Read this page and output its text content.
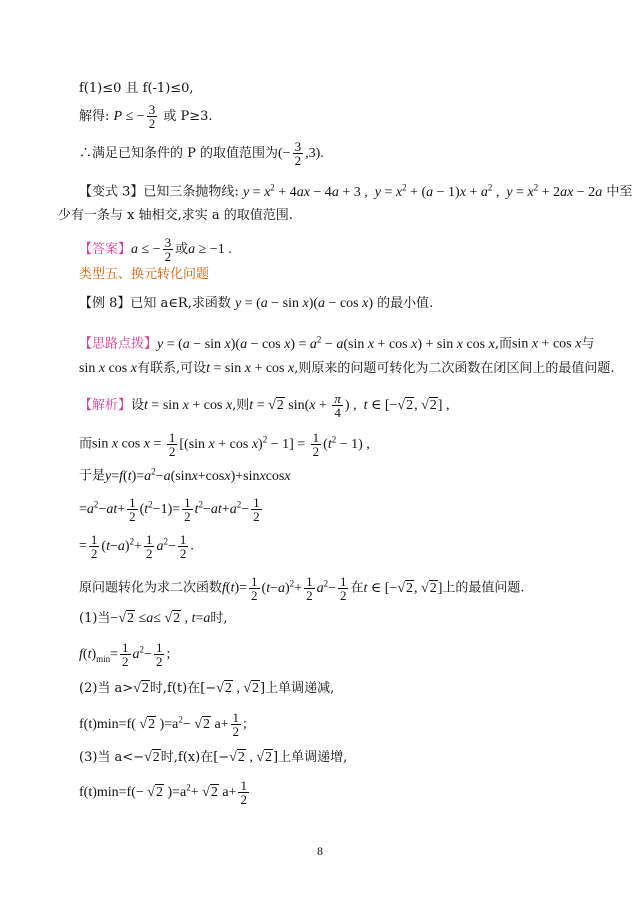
f(1)≤0 且 f(-1)≤0,
解得: P ≤ − $\frac{3}{2}$ 或 P≥3.
∴满足已知条件的 P 的取值范围为(− $\frac{3}{2} ,3$).
【变式 3】已知三条抛物线: $y = x^2 + 4ax - 4a + 3$ ,  $y = x^2 + (a - 1)x + a^2$ ,  $y = x^2 + 2ax - 2a$ 中至
少有一条与 x 轴相交,求实 a 的取值范围.
【答案】a ≤ − $\frac{3}{2}$ 或a ≥ −1 .
类型五、换元转化问题
【例 8】已知 a∈R,求函数 y = (a − sin x)(a − cos x) 的最小值.
【思路点拨】$y = (a - \sin x)(a - \cos x) = a^2 - a(\sin$ x + cos x) + sin x cos x,而sin x + cos x与
sin x cos x有联系,可设t = sin x + cos x,则原来的问题可转化为二次函数在闭区间上的最值问题.
【解析】设t = sin x + cos x,则t = √2 $\sin(x + \frac{\pi}{4}$ ) ,  t ∈ [−√2, √2] ,
而sin x $\cos x = \frac{1}{2} [(\sin$ $x + \cos x)^2 - 1] = \frac{1}{2} (t^2 - 1)$ ,
于是$y=f(t)=a^2-a(\sin x+\cos x)+sinxcosx$
$=a^2-at+ \frac{1}{2} (t^2-1)= \frac{1}{2} t^2-at+a^2- \frac{1}{2}$
= $\frac{1}{2} (t-a)^2+ \frac{1}{2} a^2- \frac{1}{2}$ .
原问题转化为求二次函数$f(t)= \frac{1}{2} (t-a)^2+ \frac{1}{2} a^2- \frac{1}{2}$ 在t ∈ [−√2, √2]上的最值问题.
(1)当−√2 ≤a≤ √2 , t=a时,
$f(t)_{min}= \frac{1}{2} a^2- \frac{1}{2}$ ;
(2)当 a>√2时,f(t)在[−√2 , √2]上单调递减,
f(t)min=f( √2 )$=a^2- √2$ $a+ \frac{1}{2}$ ;
(3)当 a<−√2时,f(x)在[−√2 , √2]上单调递增,
f(t)min=f(− √2 )$=a^2+ √2$ $a+ \frac{1}{2}$
8
